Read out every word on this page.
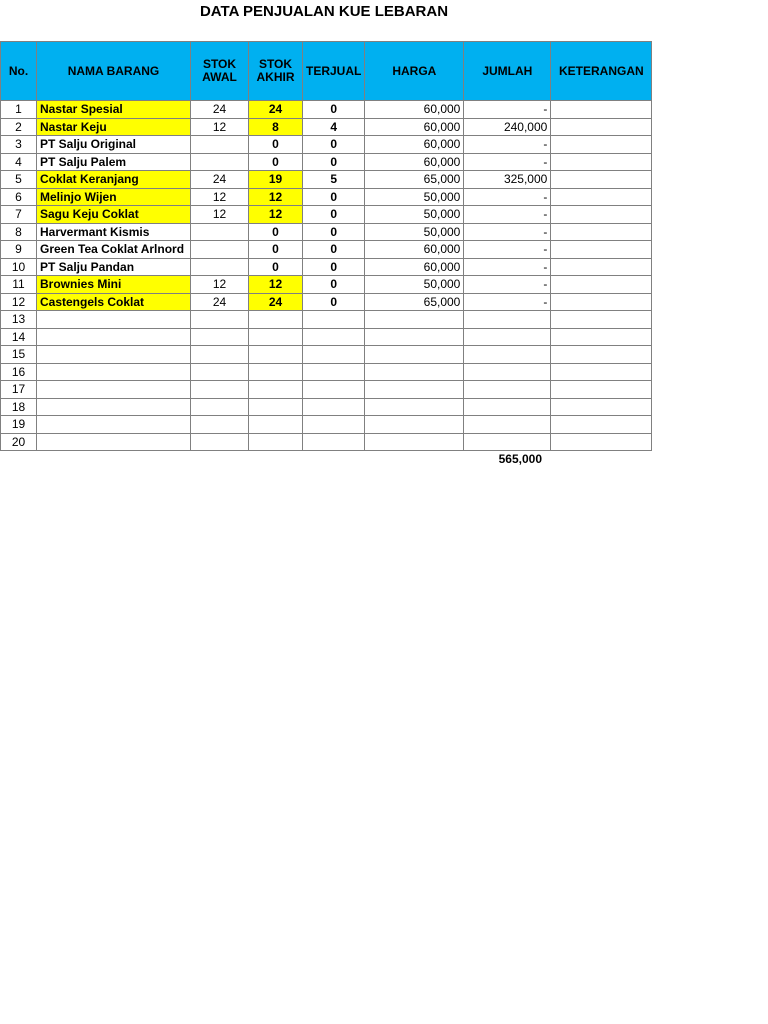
DATA PENJUALAN KUE LEBARAN
No.	NAMA BARANG	STOK AWAL	STOK AKHIR	TERJUAL	HARGA	JUMLAH	KETERANGAN
1	Nastar Spesial	24	24	0	60,000	-	
2	Nastar Keju	12	8	4	60,000	240,000	
3	PT Salju Original		0	0	60,000	-	
4	PT Salju Palem		0	0	60,000	-	
5	Coklat Keranjang	24	19	5	65,000	325,000	
6	Melinjo Wijen	12	12	0	50,000	-	
7	Sagu Keju Coklat	12	12	0	50,000	-	
8	Harvermant Kismis		0	0	50,000	-	
9	Green Tea Coklat Arlnord		0	0	60,000	-	
10	PT Salju Pandan		0	0	60,000	-	
11	Brownies Mini	12	12	0	50,000	-	
12	Castengels Coklat	24	24	0	65,000	-	
13							
14							
15							
16							
17							
18							
19							
20							
565,000
